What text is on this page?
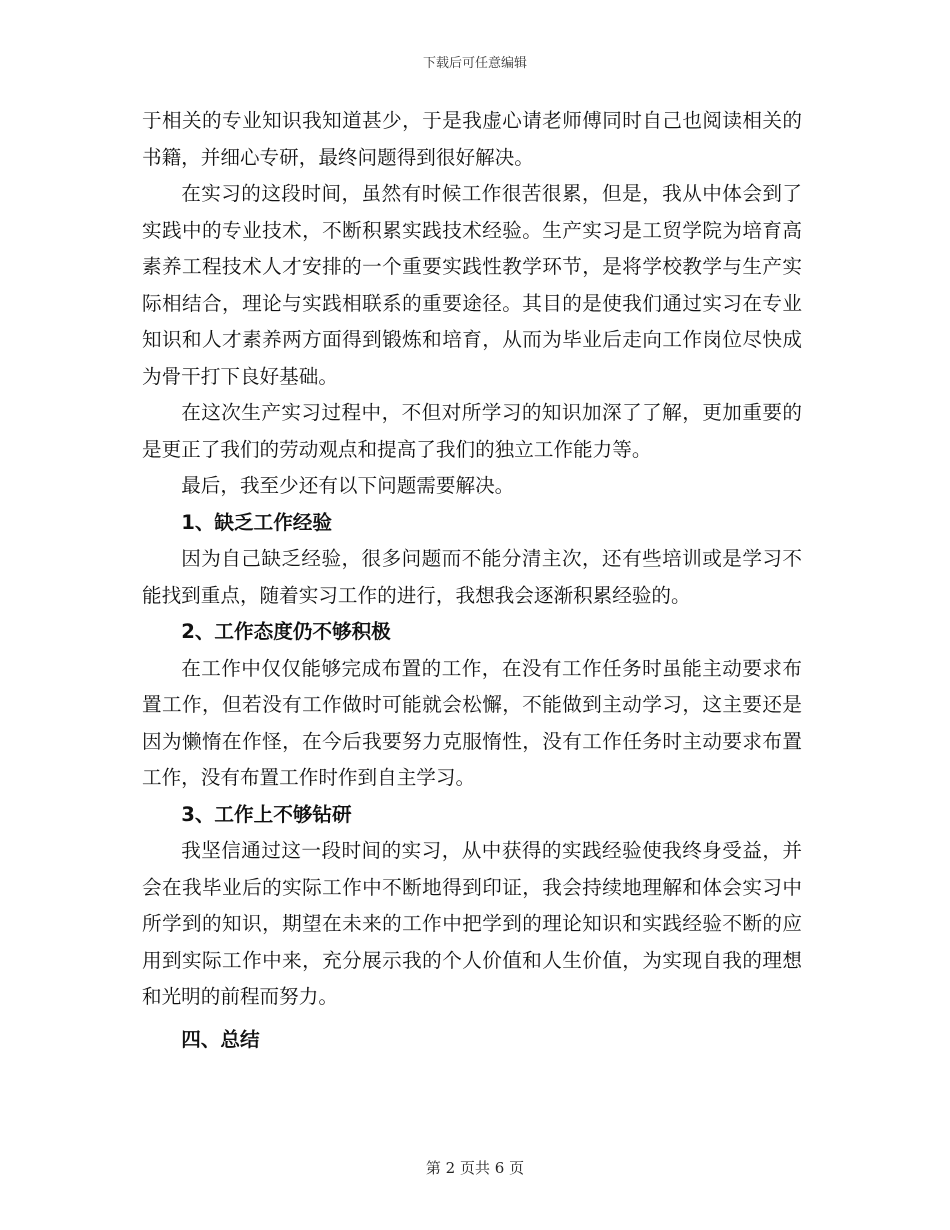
下载后可任意编辑

于相关的专业知识我知道甚少，于是我虚心请老师傅同时自己也阅读相关的书籍，并细心专研，最终问题得到很好解决。

在实习的这段时间，虽然有时候工作很苦很累，但是，我从中体会到了实践中的专业技术，不断积累实践技术经验。生产实习是工贸学院为培育高素养工程技术人才安排的一个重要实践性教学环节，是将学校教学与生产实际相结合，理论与实践相联系的重要途径。其目的是使我们通过实习在专业知识和人才素养两方面得到锻炼和培育，从而为毕业后走向工作岗位尽快成为骨干打下良好基础。

在这次生产实习过程中，不但对所学习的知识加深了了解，更加重要的是更正了我们的劳动观点和提高了我们的独立工作能力等。

最后，我至少还有以下问题需要解决。

1、缺乏工作经验

因为自己缺乏经验，很多问题而不能分清主次，还有些培训或是学习不能找到重点，随着实习工作的进行，我想我会逐渐积累经验的。

2、工作态度仍不够积极

在工作中仅仅能够完成布置的工作，在没有工作任务时虽能主动要求布置工作，但若没有工作做时可能就会松懈，不能做到主动学习，这主要还是因为懒惰在作怪，在今后我要努力克服惰性，没有工作任务时主动要求布置工作，没有布置工作时作到自主学习。

3、工作上不够钻研

我坚信通过这一段时间的实习，从中获得的实践经验使我终身受益，并会在我毕业后的实际工作中不断地得到印证，我会持续地理解和体会实习中所学到的知识，期望在未来的工作中把学到的理论知识和实践经验不断的应用到实际工作中来，充分展示我的个人价值和人生价值，为实现自我的理想和光明的前程而努力。

四、总结

第 2 页共 6 页
